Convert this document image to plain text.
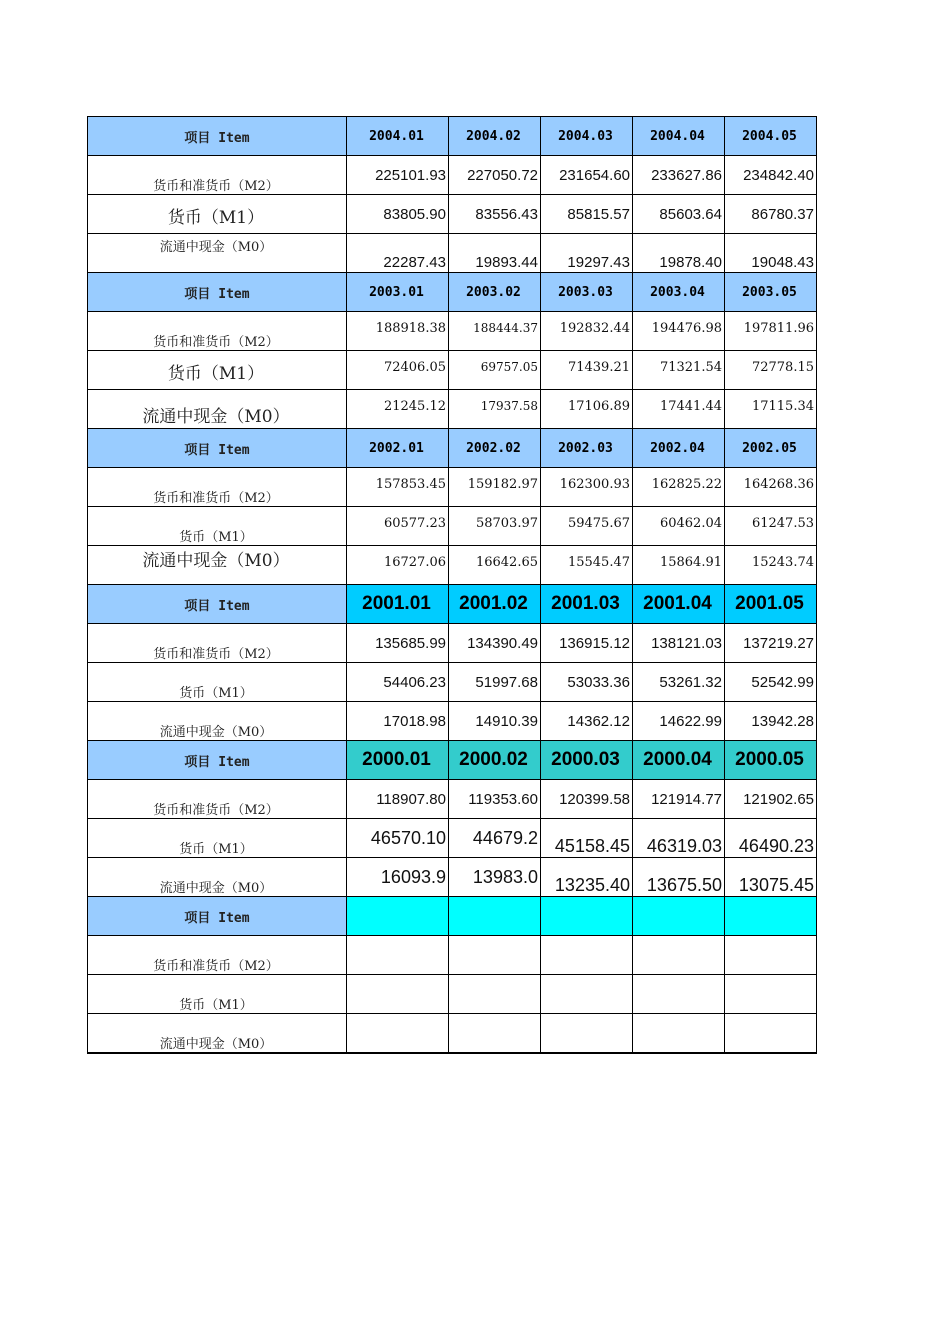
项目 Item	2004.01	2004.02	2004.03	2004.04	2004.05
货币和准货币（M2）	225101.93	227050.72	231654.60	233627.86	234842.40
货币（M1）	83805.90	83556.43	85815.57	85603.64	86780.37
流通中现金（M0）	22287.43	19893.44	19297.43	19878.40	19048.43
项目 Item	2003.01	2003.02	2003.03	2003.04	2003.05
货币和准货币（M2）	188918.38	188444.37	192832.44	194476.98	197811.96
货币（M1）	72406.05	69757.05	71439.21	71321.54	72778.15
流通中现金（M0）	21245.12	17937.58	17106.89	17441.44	17115.34
项目 Item	2002.01	2002.02	2002.03	2002.04	2002.05
货币和准货币（M2）	157853.45	159182.97	162300.93	162825.22	164268.36
货币（M1）	60577.23	58703.97	59475.67	60462.04	61247.53
流通中现金（M0）	16727.06	16642.65	15545.47	15864.91	15243.74
项目 Item	2001.01	2001.02	2001.03	2001.04	2001.05
货币和准货币（M2）	135685.99	134390.49	136915.12	138121.03	137219.27
货币（M1）	54406.23	51997.68	53033.36	53261.32	52542.99
流通中现金（M0）	17018.98	14910.39	14362.12	14622.99	13942.28
项目 Item	2000.01	2000.02	2000.03	2000.04	2000.05
货币和准货币（M2）	118907.80	119353.60	120399.58	121914.77	121902.65
货币（M1）	46570.10	44679.2	45158.45	46319.03	46490.23
流通中现金（M0）	16093.9	13983.0	13235.40	13675.50	13075.45
项目 Item					
货币和准货币（M2）					
货币（M1）					
流通中现金（M0）					
